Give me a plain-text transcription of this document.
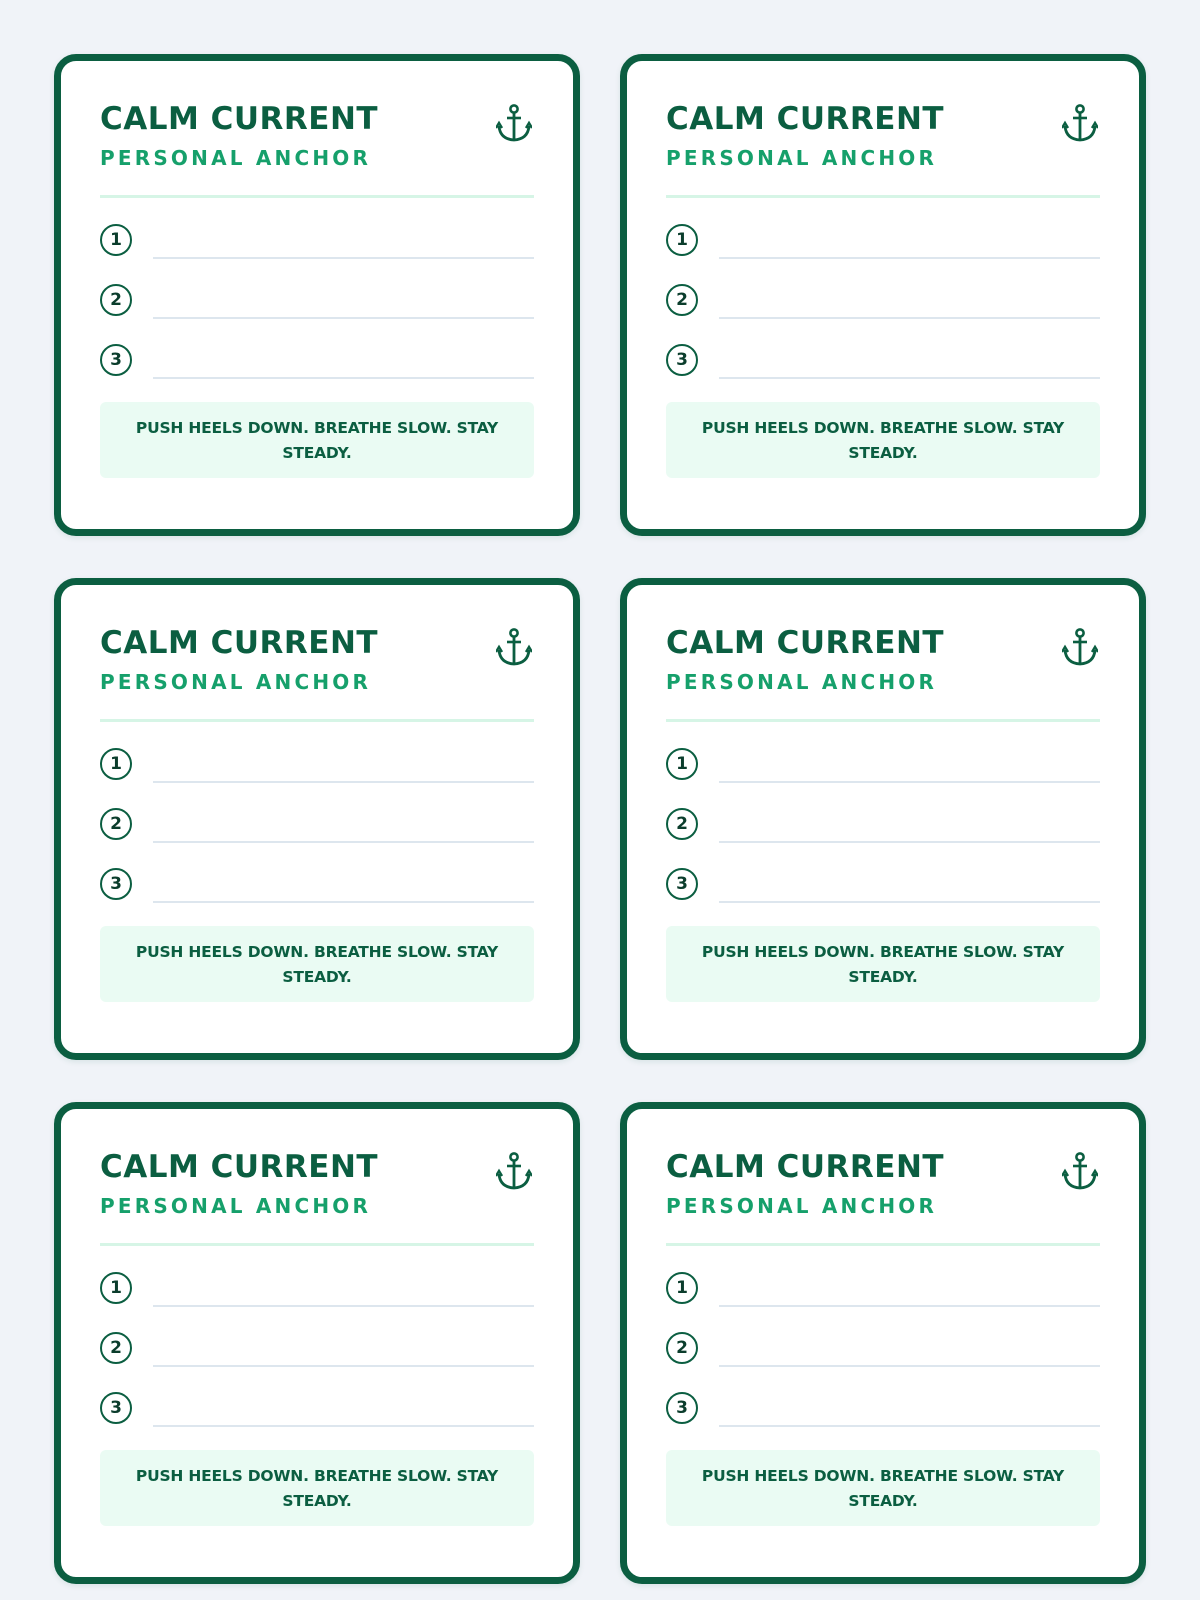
CALM CURRENT
PERSONAL ANCHOR
1
2
3
PUSH HEELS DOWN. BREATHE SLOW. STAY STEADY.
CALM CURRENT
PERSONAL ANCHOR
1
2
3
PUSH HEELS DOWN. BREATHE SLOW. STAY STEADY.
CALM CURRENT
PERSONAL ANCHOR
1
2
3
PUSH HEELS DOWN. BREATHE SLOW. STAY STEADY.
CALM CURRENT
PERSONAL ANCHOR
1
2
3
PUSH HEELS DOWN. BREATHE SLOW. STAY STEADY.
CALM CURRENT
PERSONAL ANCHOR
1
2
3
PUSH HEELS DOWN. BREATHE SLOW. STAY STEADY.
CALM CURRENT
PERSONAL ANCHOR
1
2
3
PUSH HEELS DOWN. BREATHE SLOW. STAY STEADY.
